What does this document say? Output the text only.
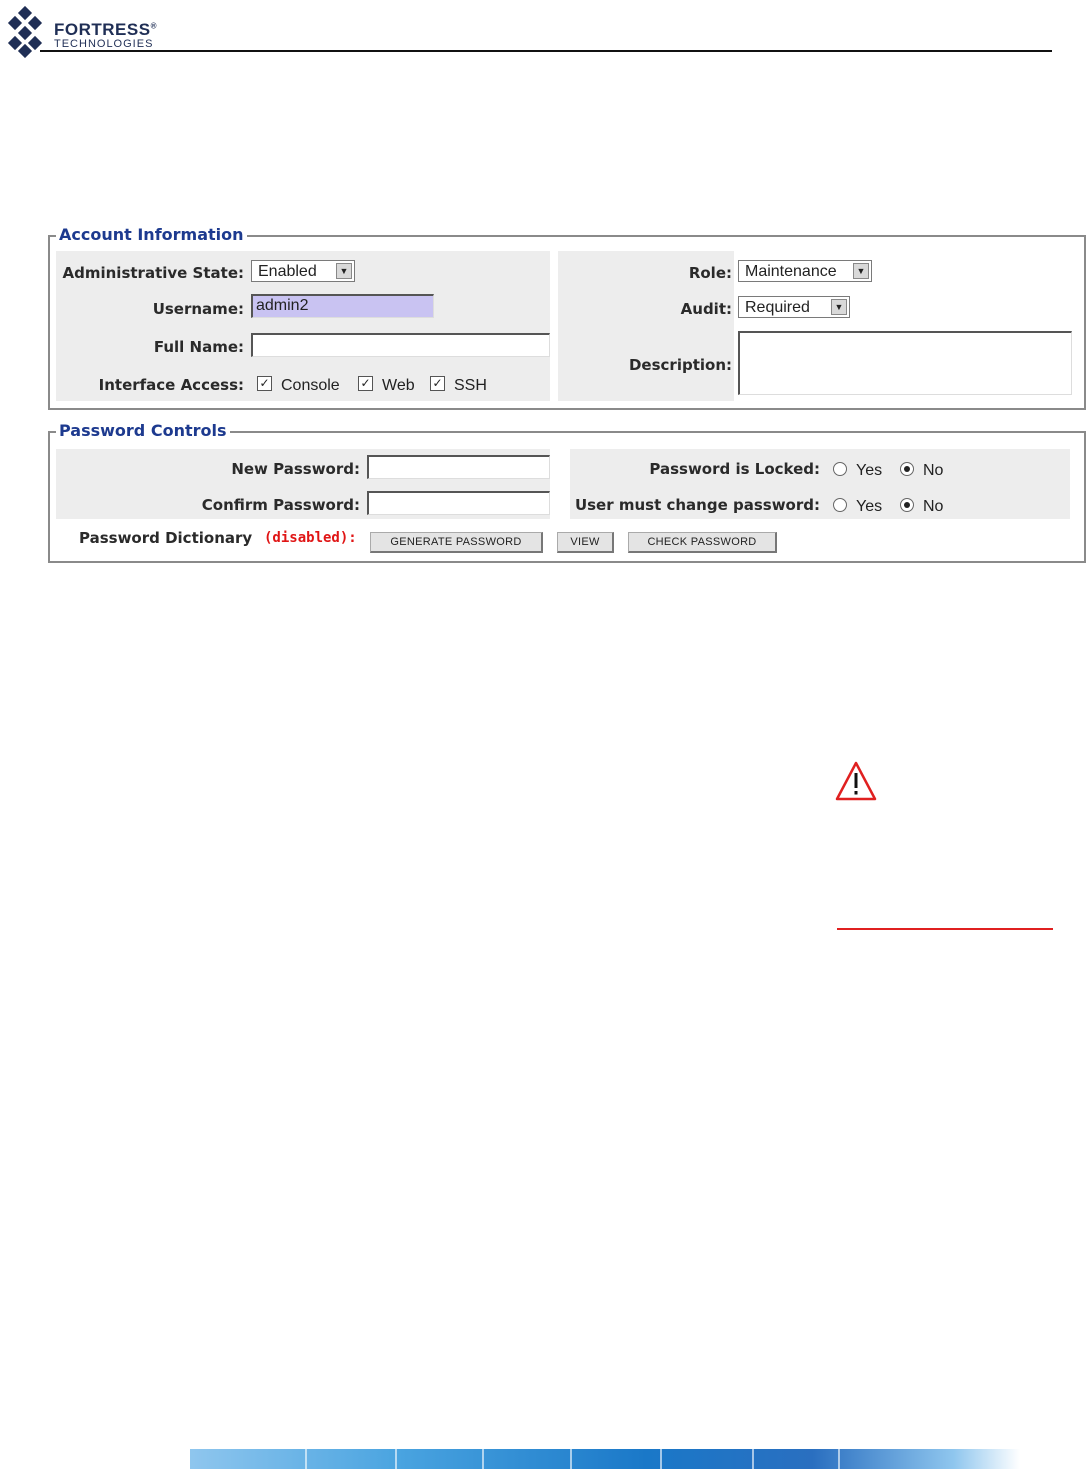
FORTRESS®
TECHNOLOGIES
Account Information
Administrative State: Enabled	▼
Username: admin2
Full Name:
Interface Access: ✓ Console ✓ Web ✓ SSH
Role: Maintenance	▼
Audit: Required	▼
Description:
Password Controls
New Password:
Confirm Password:
Password is Locked: Yes	No
User must change password: Yes	No
Password Dictionary (disabled):	GENERATE PASSWORD	VIEW	CHECK PASSWORD
